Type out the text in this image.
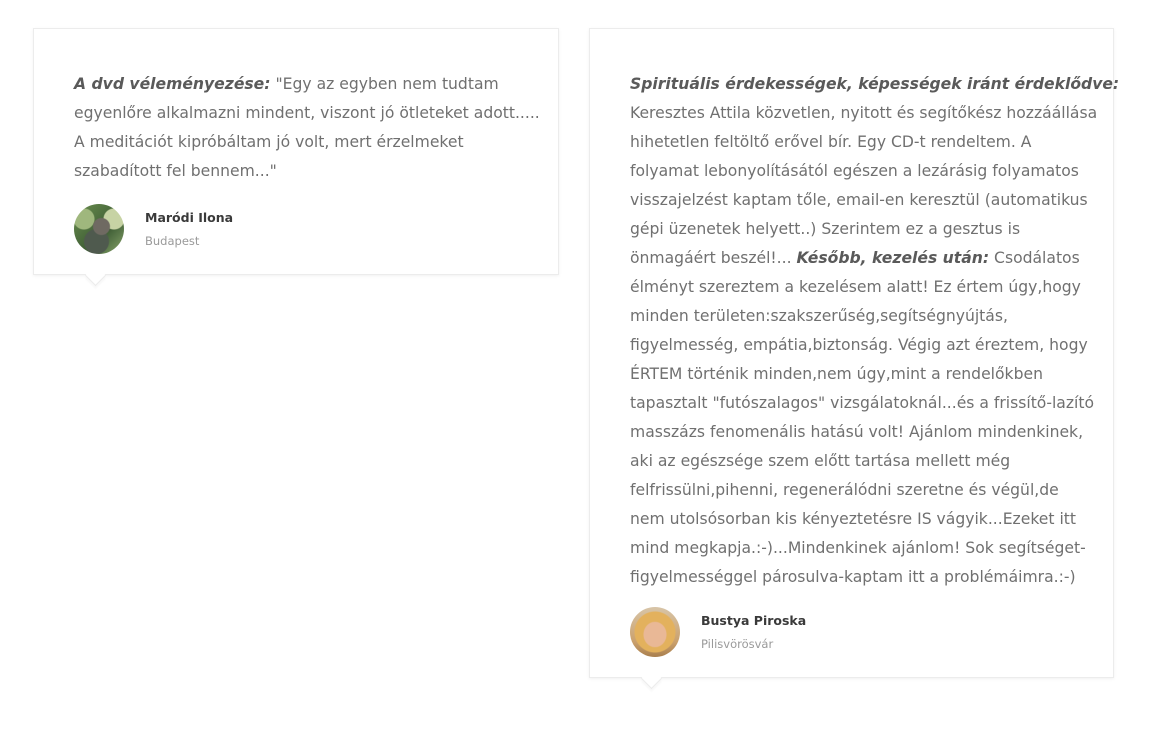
A dvd véleményezése: "Egy az egyben nem tudtam
egyenlőre alkalmazni mindent, viszont jó ötleteket adott.....
A meditációt kipróbáltam jó volt, mert érzelmeket
szabadított fel bennem..."

Maródi Ilona
Budapest

Spirituális érdekességek, képességek iránt érdeklődve:
Keresztes Attila közvetlen, nyitott és segítőkész hozzáállása
hihetetlen feltöltő erővel bír. Egy CD-t rendeltem. A
folyamat lebonyolításától egészen a lezárásig folyamatos
visszajelzést kaptam tőle, email-en keresztül (automatikus
gépi üzenetek helyett..) Szerintem ez a gesztus is
önmagáért beszél!... Később, kezelés után: Csodálatos
élményt szereztem a kezelésem alatt! Ez értem úgy,hogy
minden területen:szakszerűség,segítségnyújtás,
figyelmesség, empátia,biztonság. Végig azt éreztem, hogy
ÉRTEM történik minden,nem úgy,mint a rendelőkben
tapasztalt "futószalagos" vizsgálatoknál...és a frissítő-lazító
masszázs fenomenális hatású volt! Ajánlom mindenkinek,
aki az egészsége szem előtt tartása mellett még
felfrissülni,pihenni, regenerálódni szeretne és végül,de
nem utolsósorban kis kényeztetésre IS vágyik...Ezeket itt
mind megkapja.:-)...Mindenkinek ajánlom! Sok segítséget-
figyelmességgel párosulva-kaptam itt a problémáimra.:-)

Bustya Piroska
Pilisvörösvár
